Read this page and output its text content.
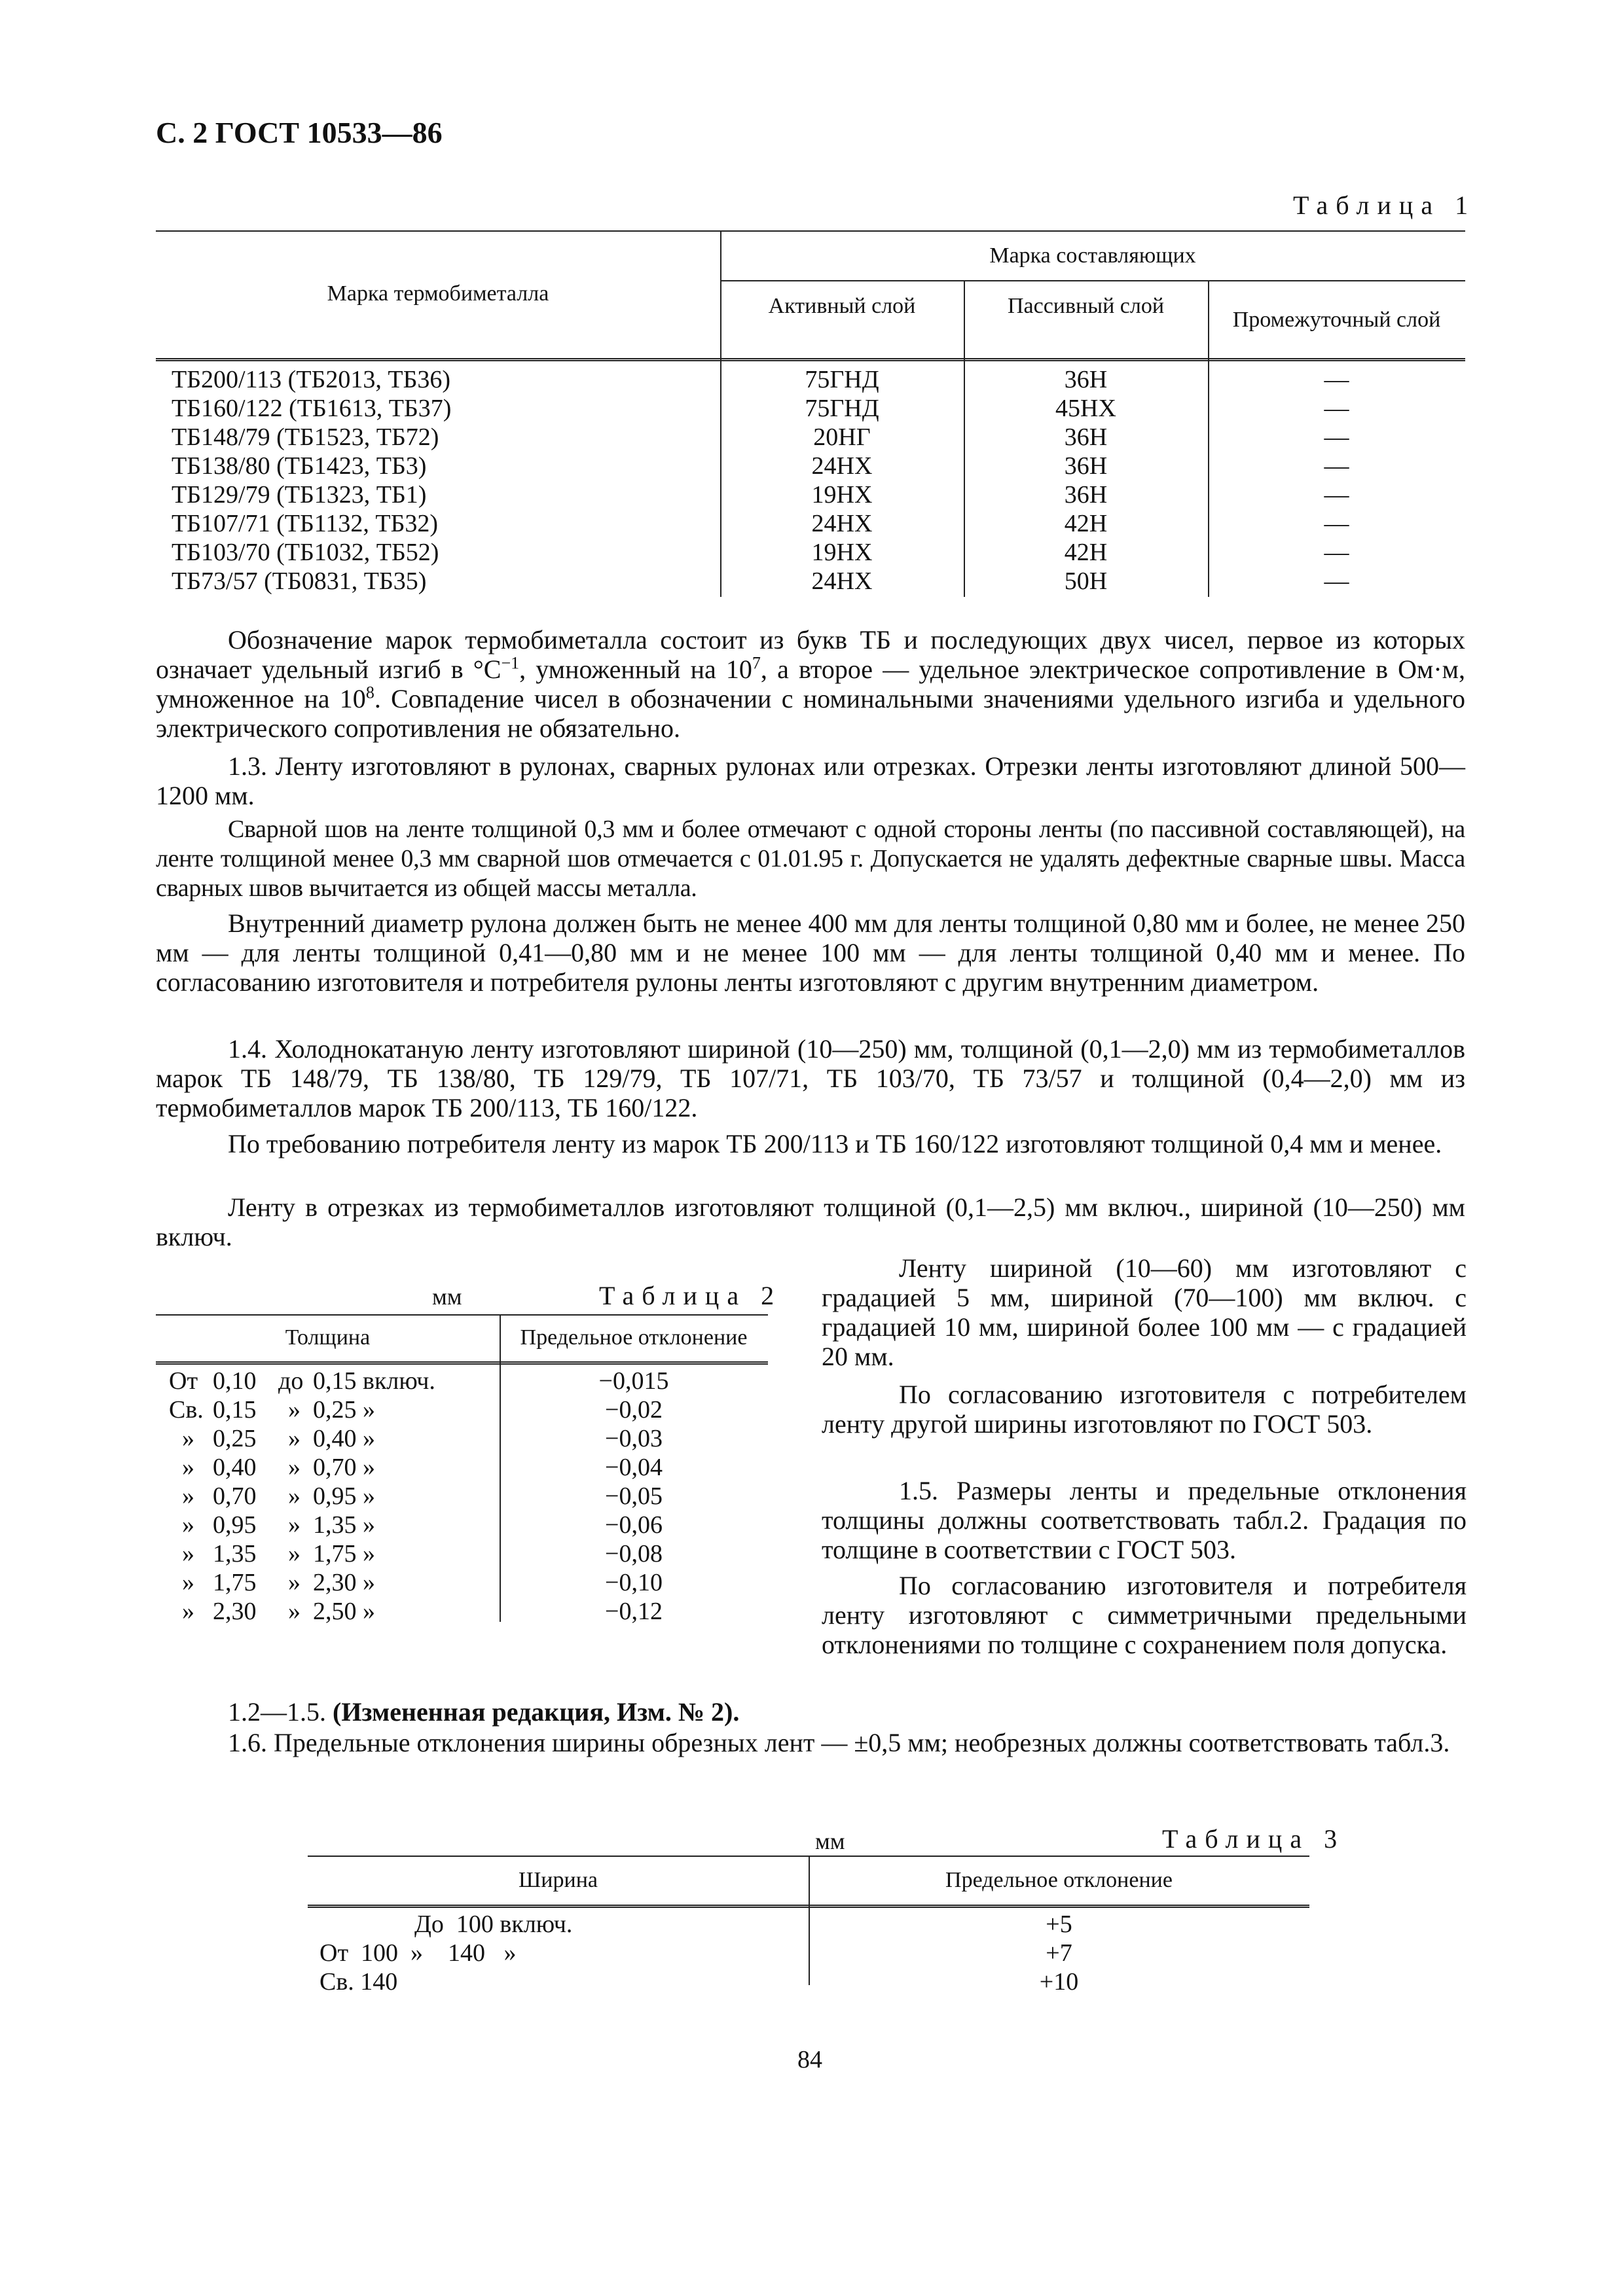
С. 2 ГОСТ 10533—86
Таблица 1
Марка термобиметалла
Марка составляющих
Активный слой	Пассивный слой
Промежуточный слой
ТБ200/113 (ТБ2013, ТБ36)	75ГНД	36Н	—
ТБ160/122 (ТБ1613, ТБ37)	75ГНД	45НХ	—
ТБ148/79 (ТБ1523, ТБ72)	20НГ	36Н	—
ТБ138/80 (ТБ1423, ТБ3)	24НХ	36Н	—
ТБ129/79 (ТБ1323, ТБ1)	19НХ	36Н	—
ТБ107/71 (ТБ1132, ТБ32)	24НХ	42Н	—
ТБ103/70 (ТБ1032, ТБ52)	19НХ	42Н	—
ТБ73/57 (ТБ0831, ТБ35)	24НХ	50Н	—

Обозначение марок термобиметалла состоит из букв ТБ и последующих двух чисел, первое из которых означает удельный изгиб в $^\circ С^{-1}$, умноженный на $10^7$, а второе — удельное электрическое сопротивление в Ом·м, умноженное на $10^8$. Совпадение чисел в обозначении с номинальными значениями удельного изгиба и удельного электрического сопротивления не обязательно.

1.3. Ленту изготовляют в рулонах, сварных рулонах или отрезках. Отрезки ленты изготовляют длиной 500—1200 мм.

Сварной шов на ленте толщиной 0,3 мм и более отмечают с одной стороны ленты (по пассивной составляющей), на ленте толщиной менее 0,3 мм сварной шов отмечается с 01.01.95 г. Допускается не удалять дефектные сварные швы. Масса сварных швов вычитается из общей массы металла.

Внутренний диаметр рулона должен быть не менее 400 мм для ленты толщиной 0,80 мм и более, не менее 250 мм — для ленты толщиной 0,41—0,80 мм и не менее 100 мм — для ленты толщиной 0,40 мм и менее. По согласованию изготовителя и потребителя рулоны ленты изготовляют с другим внутренним диаметром.

1.4. Холоднокатаную ленту изготовляют шириной (10—250) мм, толщиной (0,1—2,0) мм из термобиметаллов марок ТБ 148/79, ТБ 138/80, ТБ 129/79, ТБ 107/71, ТБ 103/70, ТБ 73/57 и толщиной (0,4—2,0) мм из термобиметаллов марок ТБ 200/113, ТБ 160/122.

По требованию потребителя ленту из марок ТБ 200/113 и ТБ 160/122 изготовляют толщиной 0,4 мм и менее.

Ленту в отрезках из термобиметаллов изготовляют толщиной (0,1—2,5) мм включ., шириной (10—250) мм включ.

мм	Таблица 2
Толщина	Предельное отклонение
От 0,10 до 0,15 включ.	−0,015
Св. 0,15 » 0,25 »	−0,02
» 0,25 » 0,40 »	−0,03
» 0,40 » 0,70 »	−0,04
» 0,70 » 0,95 »	−0,05
» 0,95 » 1,35 »	−0,06
» 1,35 » 1,75 »	−0,08
» 1,75 » 2,30 »	−0,10
» 2,30 » 2,50 »	−0,12

Ленту шириной (10—60) мм изготовляют с градацией 5 мм, шириной (70—100) мм включ. с градацией 10 мм, шириной более 100 мм — с градацией 20 мм.

По согласованию изготовителя с потребителем ленту другой ширины изготовляют по ГОСТ 503.

1.5. Размеры ленты и предельные отклонения толщины должны соответствовать табл.2. Градация по толщине в соответствии с ГОСТ 503.

По согласованию изготовителя и потребителя ленту изготовляют с симметричными предельными отклонениями по толщине с сохранением поля допуска.

1.2—1.5. (Измененная редакция, Изм. № 2).

1.6. Предельные отклонения ширины обрезных лент — ±0,5 мм; необрезных должны соответствовать табл.3.

мм	Таблица 3
Ширина	Предельное отклонение
До  100 включ.	+5
От  100  »    140   »	+7
Св. 140	+10
84
